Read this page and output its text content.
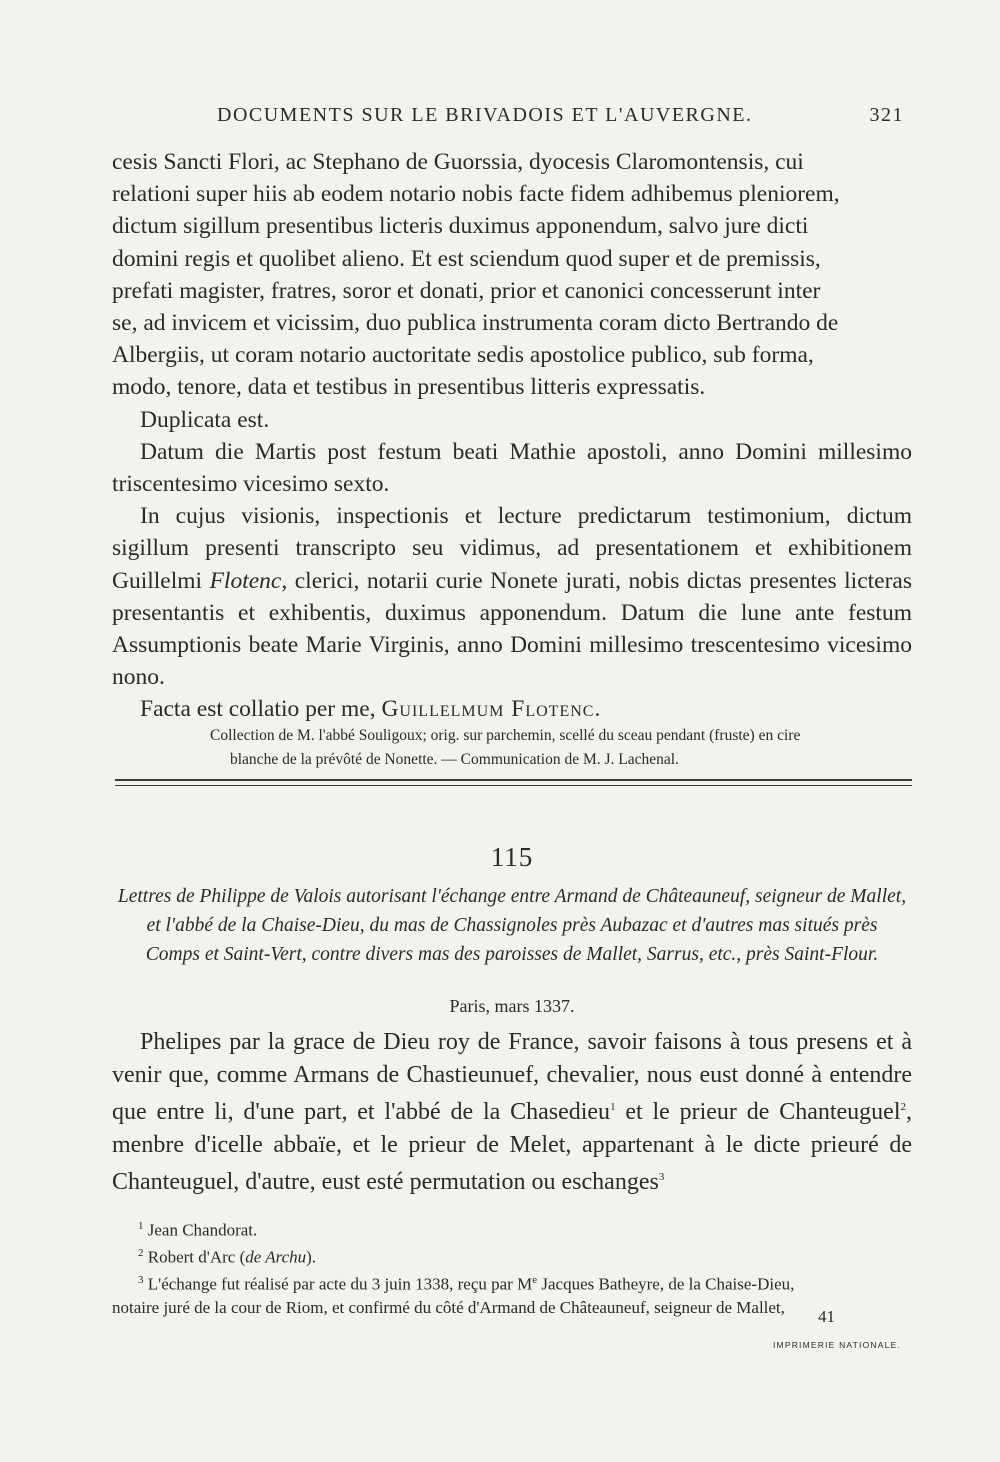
DOCUMENTS SUR LE BRIVADOIS ET L'AUVERGNE.	321

cesis Sancti Flori, ac Stephano de Guorssia, dyocesis Claromontensis, cui

relationi super hiis ab eodem notario nobis facte fidem adhibemus pleniorem,

dictum sigillum presentibus licteris duximus apponendum, salvo jure dicti

domini regis et quolibet alieno. Et est sciendum quod super et de premissis,

prefati magister, fratres, soror et donati, prior et canonici concesserunt inter

se, ad invicem et vicissim, duo publica instrumenta coram dicto Bertrando de

Albergiis, ut coram notario auctoritate sedis apostolice publico, sub forma,

modo, tenore, data et testibus in presentibus litteris expressatis.

Duplicata est.

Datum die Martis post festum beati Mathie apostoli, anno Domini millesimo triscentesimo vicesimo sexto.

In cujus visionis, inspectionis et lecture predictarum testimonium, dictum sigillum presenti transcripto seu vidimus, ad presentationem et exhibitionem Guillelmi Flotenc, clerici, notarii curie Nonete jurati, nobis dictas presentes licteras presentantis et exhibentis, duximus apponendum. Datum die lune ante festum Assumptionis beate Marie Virginis, anno Domini millesimo trescentesimo vicesimo nono.

Facta est collatio per me, Guillelmum Flotenc.

Collection de M. l'abbé Souligoux; orig. sur parchemin, scellé du sceau pendant (fruste) en cire

blanche de la prévôté de Nonette. — Communication de M. J. Lachenal.

115

Lettres de Philippe de Valois autorisant l'échange entre Armand de Châteauneuf, seigneur de Mallet,

et l'abbé de la Chaise-Dieu, du mas de Chassignoles près Aubazac et d'autres mas situés près

Comps et Saint-Vert, contre divers mas des paroisses de Mallet, Sarrus, etc., près Saint-Flour.

Paris, mars 1337.

Phelipes par la grace de Dieu roy de France, savoir faisons à tous presens et à venir que, comme Armans de Chastieunuef, chevalier, nous eust donné à entendre que entre li, d'une part, et l'abbé de la Chasedieu$^1$ et le prieur de Chanteuguel$^2$, menbre d'icelle abbaïe, et le prieur de Melet, appartenant à le dicte prieuré de Chanteuguel, d'autre, eust esté permutation ou eschanges$^3$

$^1$ Jean Chandorat.

$^2$ Robert d'Arc (de Archu).

$^3$ L'échange fut réalisé par acte du 3 juin 1338, reçu par Me Jacques Batheyre, de la Chaise-Dieu,

notaire juré de la cour de Riom, et confirmé du côté d'Armand de Châteauneuf, seigneur de Mallet,	41
IMPRIMERIE NATIONALE.
